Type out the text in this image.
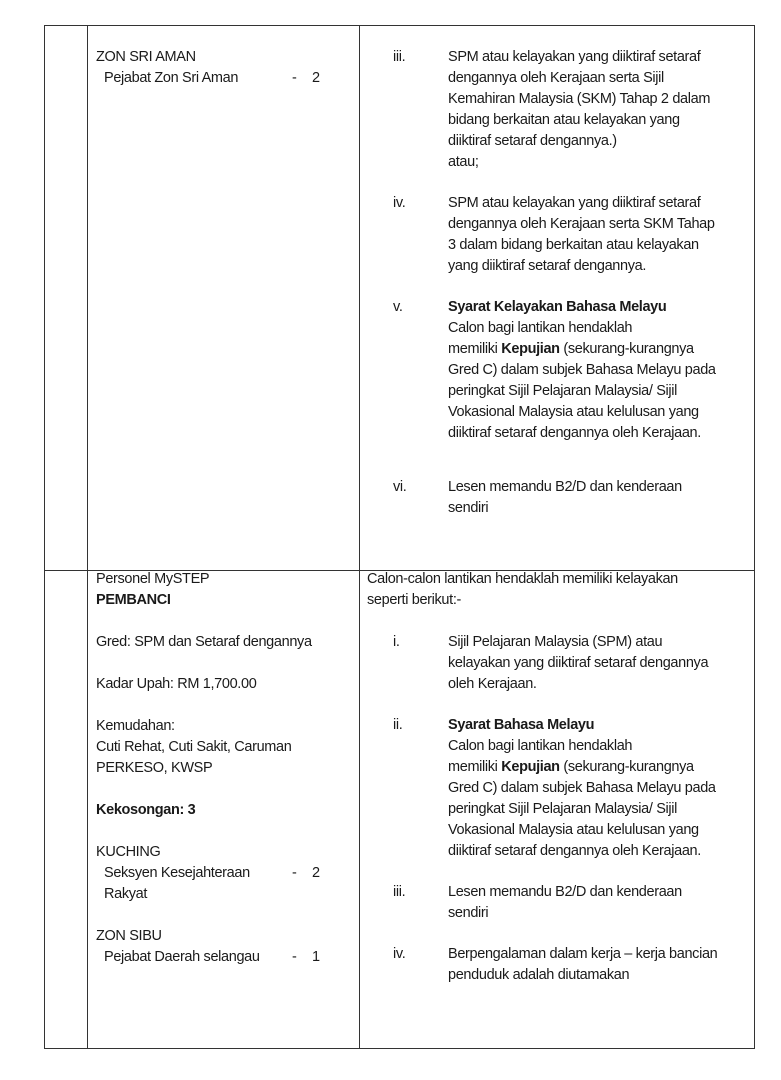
ZON SRI AMAN
Pejabat Zon Sri Aman	- 2
iii.	SPM atau kelayakan yang diiktiraf setaraf
dengannya oleh Kerajaan serta Sijil
Kemahiran Malaysia (SKM) Tahap 2 dalam
bidang berkaitan atau kelayakan yang
diiktiraf setaraf dengannya.)
atau;
iv.	SPM atau kelayakan yang diiktiraf setaraf
dengannya oleh Kerajaan serta SKM Tahap
3 dalam bidang berkaitan atau kelayakan
yang diiktiraf setaraf dengannya.
v.	Syarat Kelayakan Bahasa Melayu
Calon bagi lantikan hendaklah
memiliki Kepujian (sekurang-kurangnya
Gred C) dalam subjek Bahasa Melayu pada
peringkat Sijil Pelajaran Malaysia/ Sijil
Vokasional Malaysia atau kelulusan yang
diiktiraf setaraf dengannya oleh Kerajaan.
vi.	Lesen memandu B2/D dan kenderaan
sendiri
Personel MySTEP
PEMBANCI
Gred: SPM dan Setaraf dengannya
Kadar Upah: RM 1,700.00
Kemudahan:
Cuti Rehat, Cuti Sakit, Caruman
PERKESO, KWSP
Kekosongan: 3
KUCHING
Seksyen Kesejahteraan	- 2
Rakyat
ZON SIBU
Pejabat Daerah selangau - 1
Calon-calon lantikan hendaklah memiliki kelayakan
seperti berikut:-
i.	Sijil Pelajaran Malaysia (SPM) atau
kelayakan yang diiktiraf setaraf dengannya
oleh Kerajaan.
ii.	Syarat Bahasa Melayu
Calon bagi lantikan hendaklah
memiliki Kepujian (sekurang-kurangnya
Gred C) dalam subjek Bahasa Melayu pada
peringkat Sijil Pelajaran Malaysia/ Sijil
Vokasional Malaysia atau kelulusan yang
diiktiraf setaraf dengannya oleh Kerajaan.
iii.	Lesen memandu B2/D dan kenderaan
sendiri
iv.	Berpengalaman dalam kerja – kerja bancian
penduduk adalah diutamakan
